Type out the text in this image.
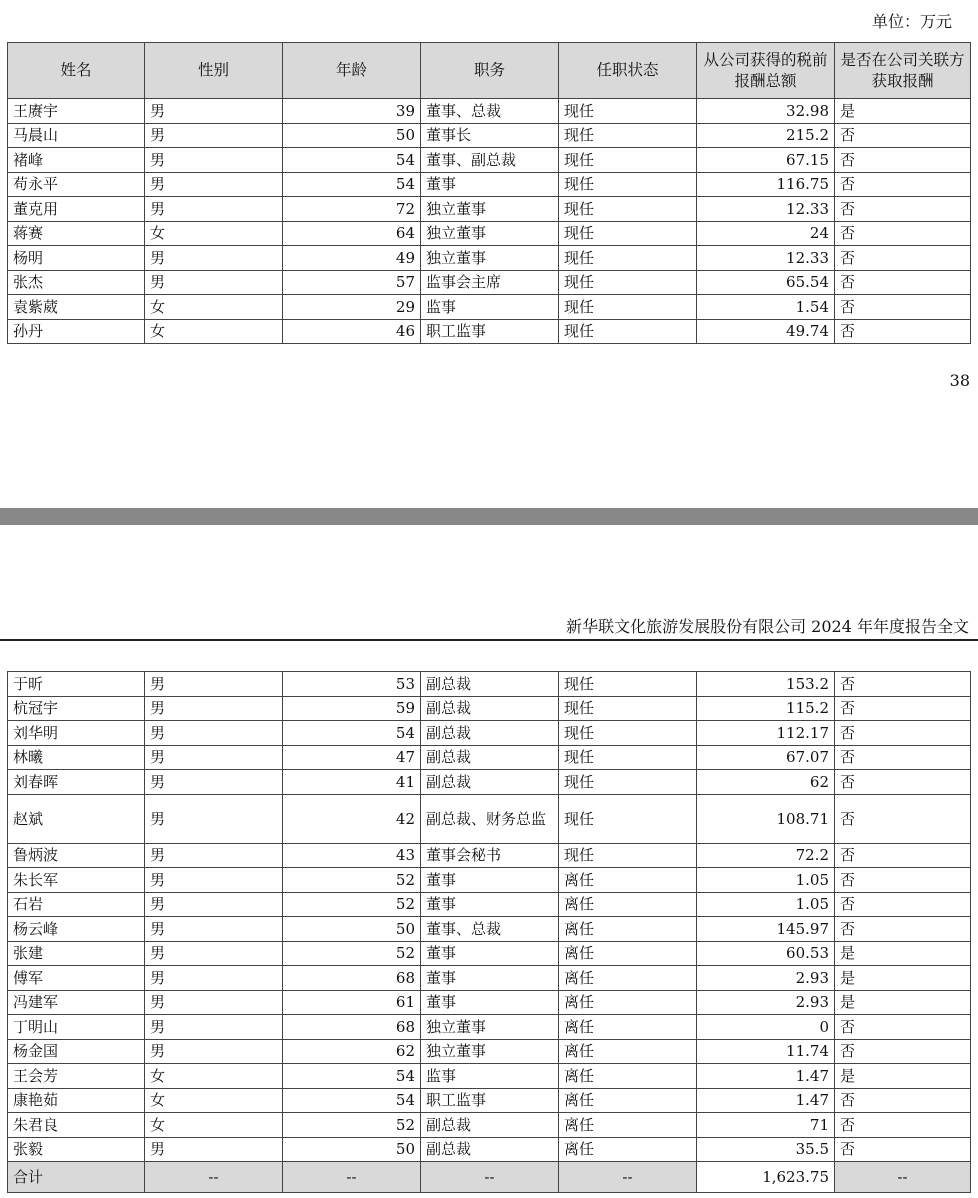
单位：万元
姓名	性别	年龄	职务	任职状态	从公司获得的税前报酬总额	是否在公司关联方获取报酬
王赓宇	男	39	董事、总裁	现任	32.98	是
马晨山	男	50	董事长	现任	215.2	否
褚峰	男	54	董事、副总裁	现任	67.15	否
苟永平	男	54	董事	现任	116.75	否
董克用	男	72	独立董事	现任	12.33	否
蒋赛	女	64	独立董事	现任	24	否
杨明	男	49	独立董事	现任	12.33	否
张杰	男	57	监事会主席	现任	65.54	否
袁紫葳	女	29	监事	现任	1.54	否
孙丹	女	46	职工监事	现任	49.74	否
38
新华联文化旅游发展股份有限公司 2024 年年度报告全文
于昕	男	53	副总裁	现任	153.2	否
杭冠宇	男	59	副总裁	现任	115.2	否
刘华明	男	54	副总裁	现任	112.17	否
林曦	男	47	副总裁	现任	67.07	否
刘春晖	男	41	副总裁	现任	62	否
赵斌	男	42	副总裁、财务总监	现任	108.71	否
鲁炳波	男	43	董事会秘书	现任	72.2	否
朱长军	男	52	董事	离任	1.05	否
石岩	男	52	董事	离任	1.05	否
杨云峰	男	50	董事、总裁	离任	145.97	否
张建	男	52	董事	离任	60.53	是
傅军	男	68	董事	离任	2.93	是
冯建军	男	61	董事	离任	2.93	是
丁明山	男	68	独立董事	离任	0	否
杨金国	男	62	独立董事	离任	11.74	否
王会芳	女	54	监事	离任	1.47	是
康艳茹	女	54	职工监事	离任	1.47	否
朱君良	女	52	副总裁	离任	71	否
张毅	男	50	副总裁	离任	35.5	否
合计	--	--	--	--	1,623.75	--
